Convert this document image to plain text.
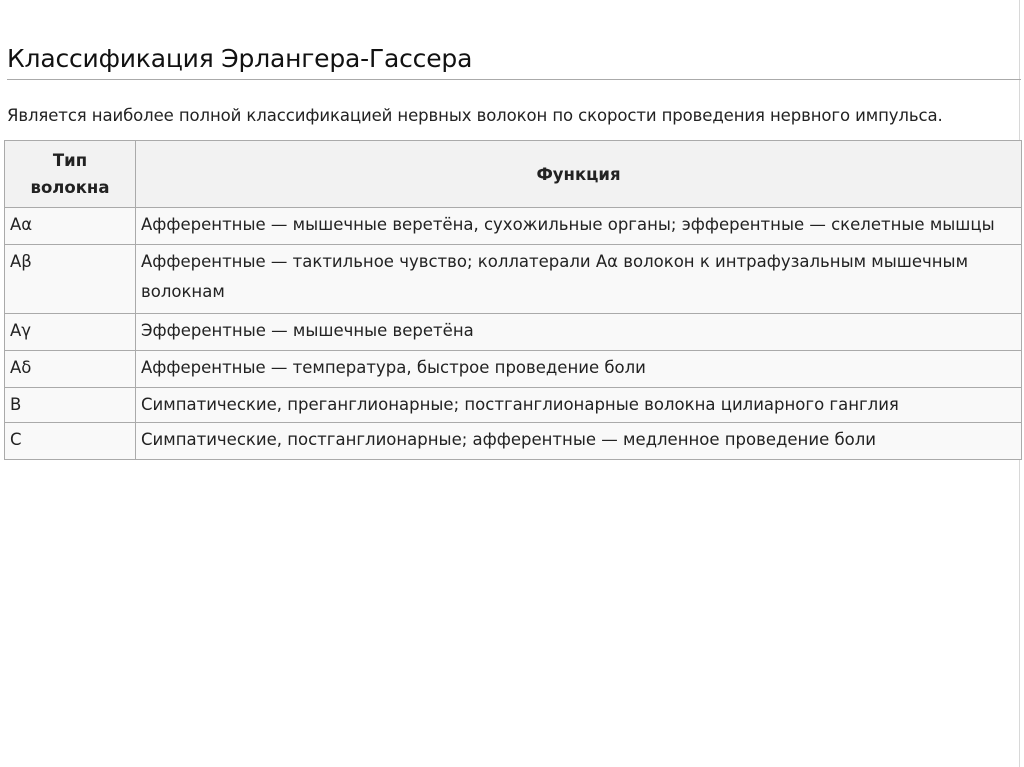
Классификация Эрлангера-Гассера
Является наиболее полной классификацией нервных волокон по скорости проведения нервного импульса.
Тип волокна	Функция
Aα	Афферентные — мышечные веретёна, сухожильные органы; эфферентные — скелетные мышцы
Aβ	Афферентные — тактильное чувство; коллатерали Aα волокон к интрафузальным мышечным волокнам
Aγ	Эфферентные — мышечные веретёна
Aδ	Афферентные — температура, быстрое проведение боли
B	Симпатические, преганглионарные; постганглионарные волокна цилиарного ганглия
C	Симпатические, постганглионарные; афферентные — медленное проведение боли
